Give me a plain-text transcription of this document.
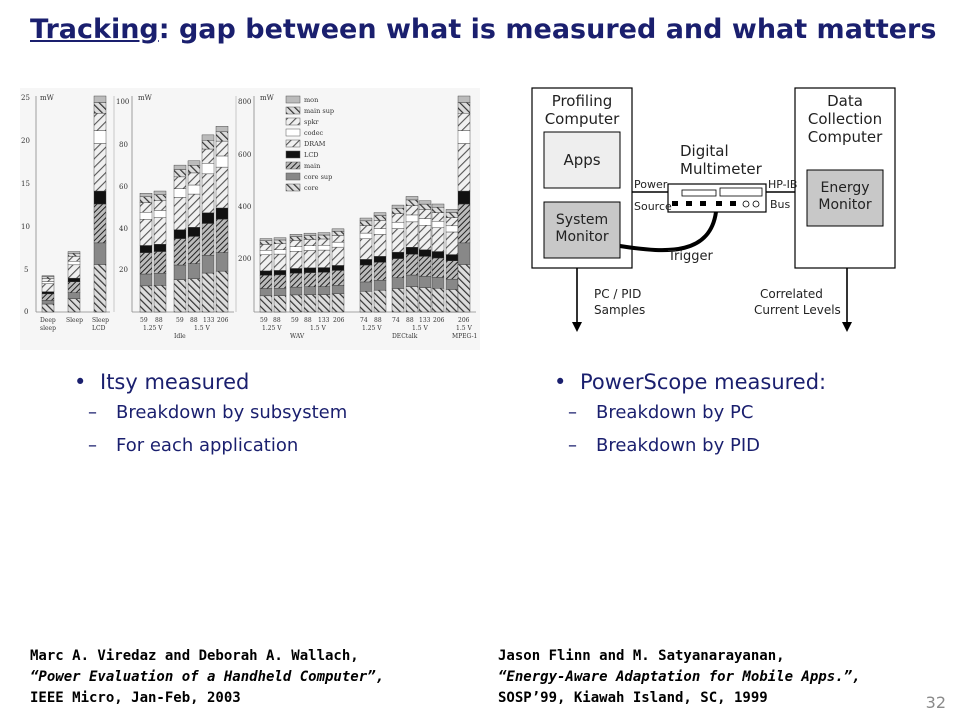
Tracking: gap between what is measured and what matters
mW	mW	mW
25
20
15
10
5
0
100
80
60
40
20
800
600
400
200
mon
main sup
spkr
codec
DRAM
LCD
main
core sup
core
Deep
sleep
Sleep Sleep
LCD
59 88
1.25 V
59 88 133 206
1.5 V
Idle
59 88
1.25 V
59 88 133 206
1.5 V
WAV
74 88
1.25 V
74 88 133 206
1.5 V
DECtalk
206
1.5 V
MPEG-1
Profiling
Computer
Apps
System
Monitor
Data
Collection
Computer
Energy
Monitor
Digital
Multimeter
Power
Source
HP-IB
Bus
Trigger
PC / PID
Samples
Correlated
Current Levels
• Itsy measured
– Breakdown by subsystem
– For each application
• PowerScope measured:
– Breakdown by PC
– Breakdown by PID
Marc A. Viredaz and Deborah A. Wallach,
“Power Evaluation of a Handheld Computer”,
IEEE Micro, Jan-Feb, 2003
Jason Flinn and M. Satyanarayanan,
“Energy-Aware Adaptation for Mobile Apps.”,
SOSP’99, Kiawah Island, SC, 1999	32
